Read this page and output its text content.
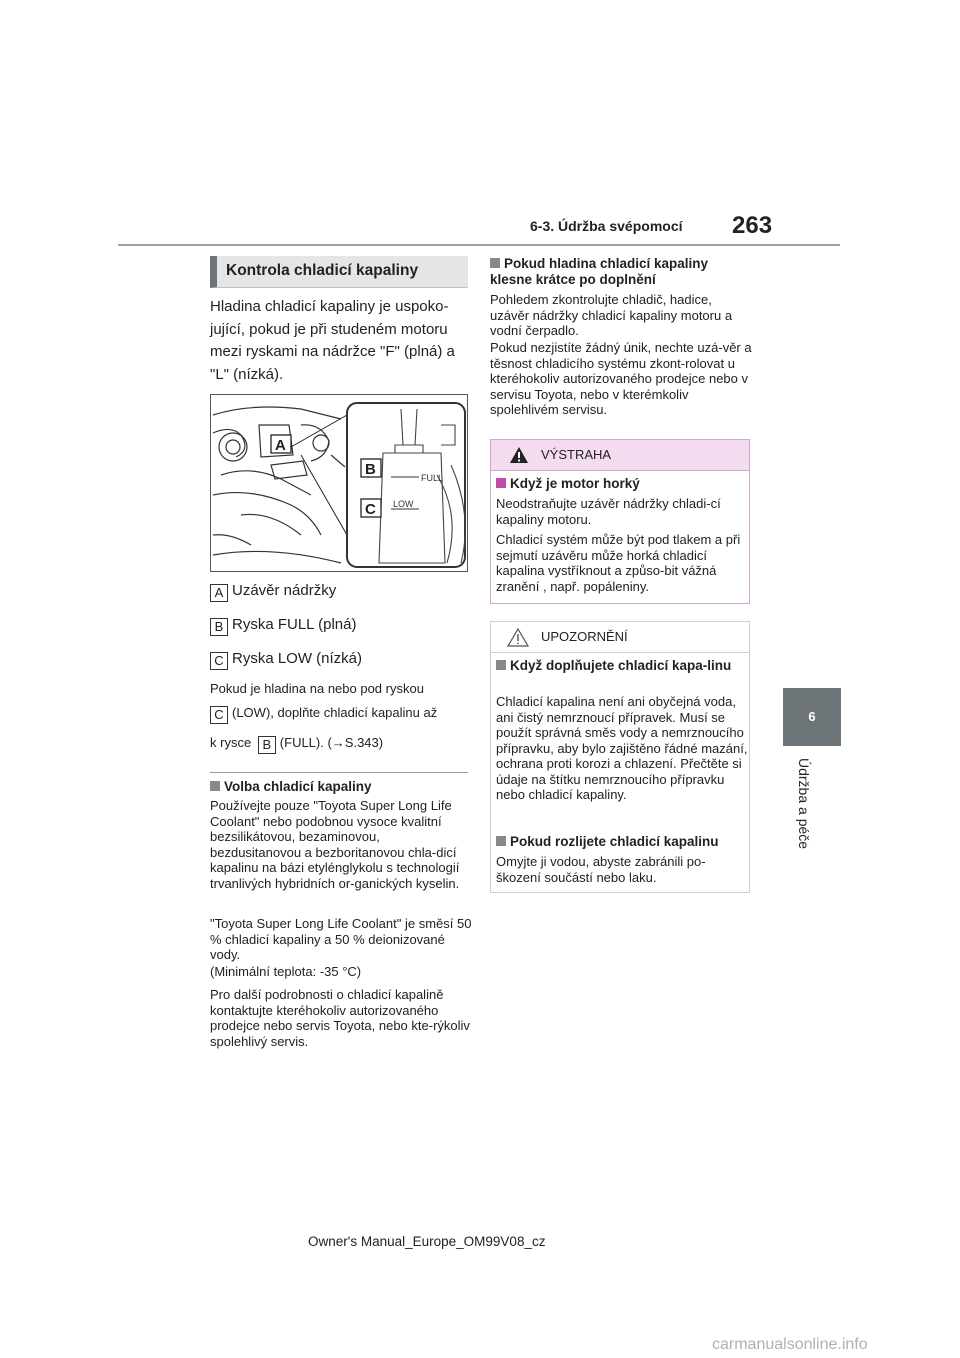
6-3. Údržba svépomocí 263
6
Údržba a péče
Kontrola chladicí kapaliny
Hladina chladicí kapaliny je uspoko-jující, pokud je při studeném motoru mezi ryskami na nádržce "F" (plná) a "L" (nízká).
A
FULL
LOW
B
C
A Uzávěr nádržky
B Ryska FULL (plná)
C Ryska LOW (nízká)
Pokud je hladina na nebo pod ryskou
C (LOW), doplňte chladicí kapalinu až
k rysce B (FULL). (→S.343)
Volba chladicí kapaliny
Používejte pouze "Toyota Super Long Life Coolant" nebo podobnou vysoce kvalitní bezsilikátovou, bezaminovou, bezdusitanovou a bezboritanovou chla-dicí kapalinu na bázi etylénglykolu s technologií trvanlivých hybridních or-ganických kyselin.
"Toyota Super Long Life Coolant" je směsí 50 % chladicí kapaliny a 50 % deionizované vody.
(Minimální teplota: -35 °C)
Pro další podrobnosti o chladicí kapalině kontaktujte kteréhokoliv autorizovaného prodejce nebo servis Toyota, nebo kte-rýkoliv spolehlivý servis.
Pokud hladina chladicí kapaliny klesne krátce po doplnění
Pohledem zkontrolujte chladič, hadice, uzávěr nádržky chladicí kapaliny motoru a vodní čerpadlo.
Pokud nezjistíte žádný únik, nechte uzá-věr a těsnost chladicího systému zkont-rolovat u kteréhokoliv autorizovaného prodejce nebo v servisu Toyota, nebo v kterémkoliv spolehlivém servisu.
VÝSTRAHA
Když je motor horký
Neodstraňujte uzávěr nádržky chladi-cí kapaliny motoru.
Chladicí systém může být pod tlakem a při sejmutí uzávěru může horká chladicí kapalina vystříknout a způso-bit vážná zranění , např. popáleniny.
UPOZORNĚNÍ
Když doplňujete chladicí kapa-linu
Chladicí kapalina není ani obyčejná voda, ani čistý nemrznoucí přípravek. Musí se použít správná směs vody a nemrznoucího přípravku, aby bylo zajištěno řádné mazání, ochrana proti korozi a chlazení. Přečtěte si údaje na štítku nemrznoucího přípravku nebo chladicí kapaliny.
Pokud rozlijete chladicí kapalinu
Omyjte ji vodou, abyste zabránili po-škození součástí nebo laku.
Owner's Manual_Europe_OM99V08_cz
carmanualsonline.info
